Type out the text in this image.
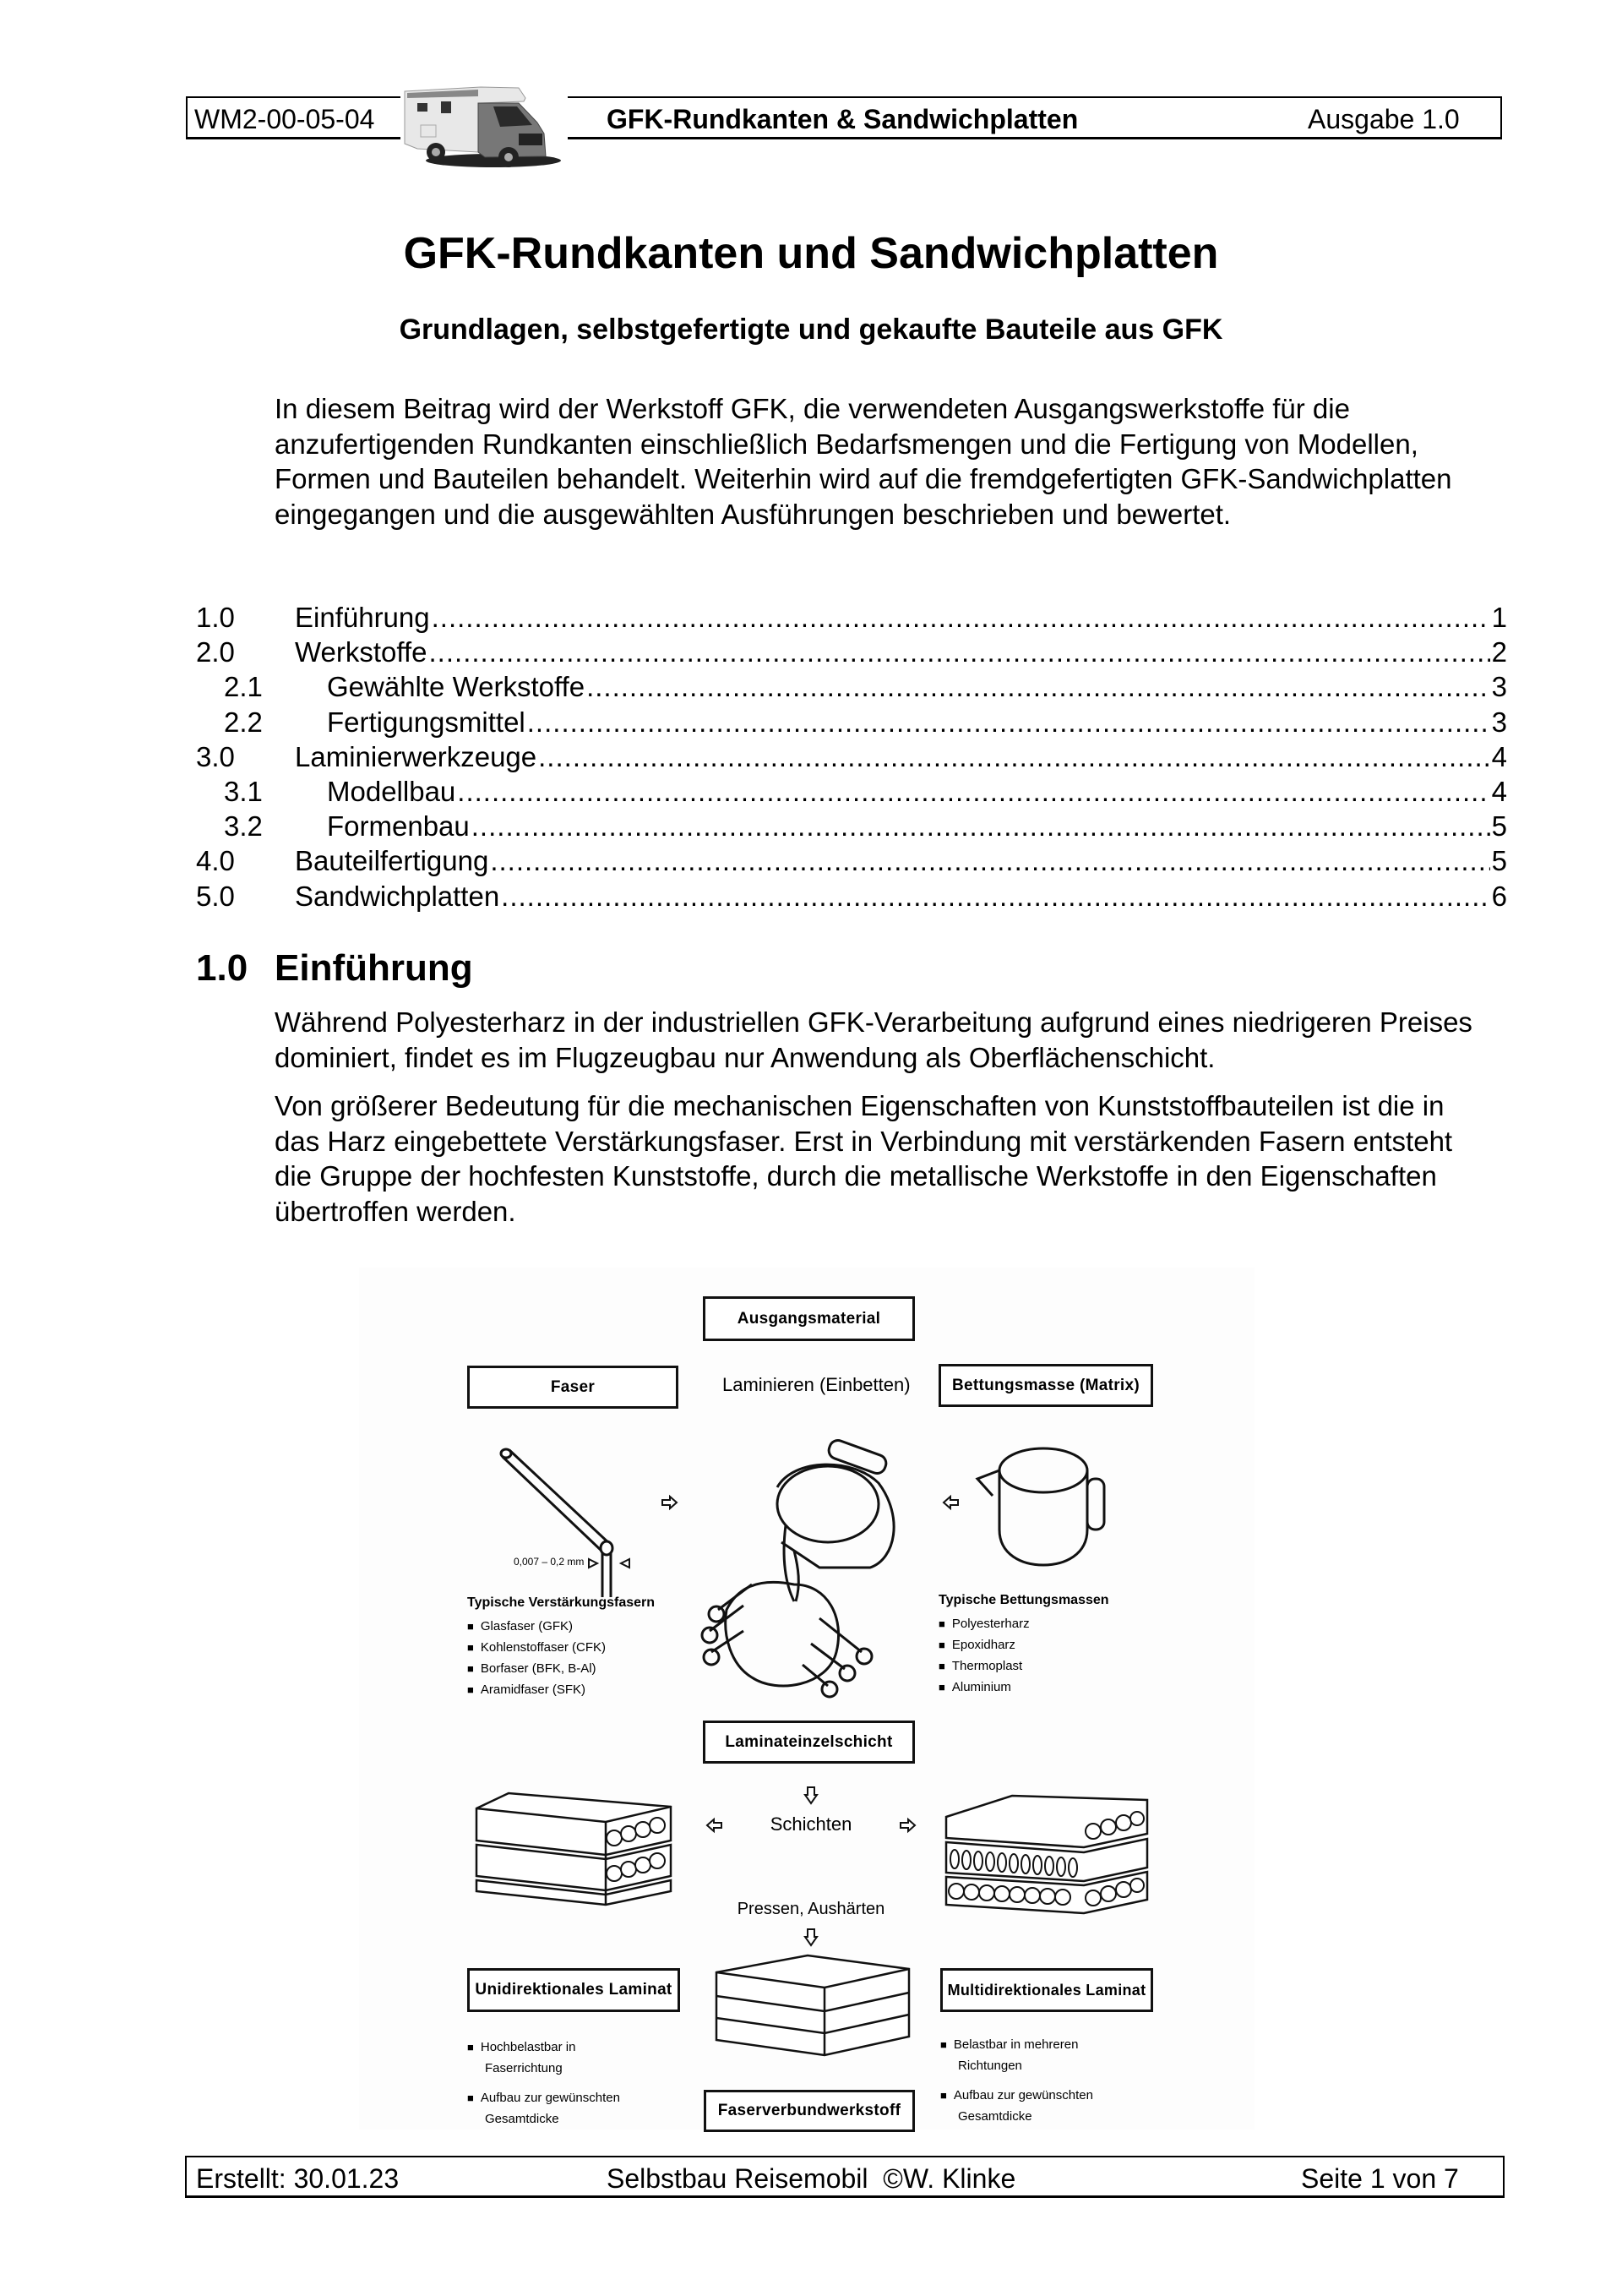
WM2-00-05-04	GFK-Rundkanten & Sandwichplatten	Ausgabe 1.0
GFK-Rundkanten und Sandwichplatten
Grundlagen, selbstgefertigte und gekaufte Bauteile aus GFK

In diesem Beitrag wird der Werkstoff GFK, die verwendeten Ausgangswerkstoffe für die anzufertigenden Rundkanten einschließlich Bedarfsmengen und die Fertigung von Modellen, Formen und Bauteilen behandelt. Weiterhin wird auf die fremdgefertigten GFK-Sandwichplatten eingegangen und die ausgewählten Ausführungen beschrieben und bewertet.

1.0	Einführung .....	1
2.0	Werkstoffe .....	2
2.1	Gewählte Werkstoffe .....	3
2.2	Fertigungsmittel .....	3
3.0	Laminierwerkzeuge .....	4
3.1	Modellbau .....	4
3.2	Formenbau .....	5
4.0	Bauteilfertigung .....	5
5.0	Sandwichplatten .....	6
1.0 Einführung

Während Polyesterharz in der industriellen GFK-Verarbeitung aufgrund eines niedrigeren Preises dominiert, findet es im Flugzeugbau nur Anwendung als Oberflächenschicht.

Von größerer Bedeutung für die mechanischen Eigenschaften von Kunststoffbauteilen ist die in das Harz eingebettete Verstärkungsfaser. Erst in Verbindung mit verstärkenden Fasern entsteht die Gruppe der hochfesten Kunststoffe, durch die metallische Werkstoffe in den Eigenschaften übertroffen werden.

Ausgangsmaterial
Faser	Laminieren (Einbetten)	Bettungsmasse (Matrix)
0,007 – 0,2 mm
Typische Verstärkungsfasern
■ Glasfaser (GFK)
■ Kohlenstoffaser (CFK)
■ Borfaser (BFK, B-Al)
■ Aramidfaser (SFK)
Typische Bettungsmassen
■ Polyesterharz
■ Epoxidharz
■ Thermoplast
■ Aluminium
Laminateinzelschicht
Schichten
Pressen, Aushärten
Unidirektionales Laminat	Multidirektionales Laminat
■ Hochbelastbar in
Faserrichtung
■ Aufbau zur gewünschten
Gesamtdicke
■ Belastbar in mehreren
Richtungen
■ Aufbau zur gewünschten
Gesamtdicke
Faserverbundwerkstoff
Erstellt: 30.01.23	Selbstbau Reisemobil  ©W. Klinke	Seite 1 von 7
